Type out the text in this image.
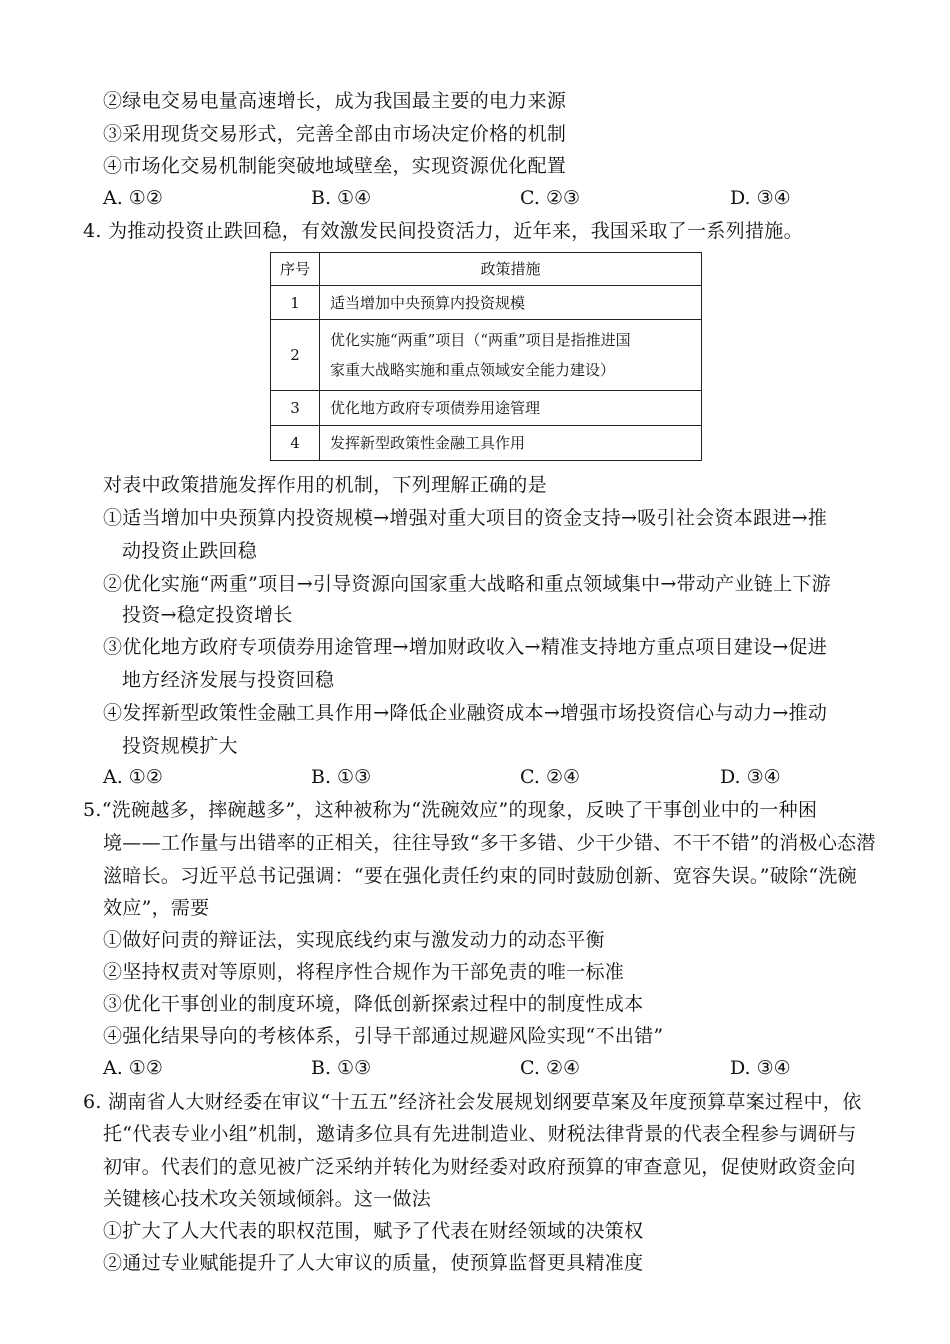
②绿电交易电量高速增长，成为我国最主要的电力来源
③采用现货交易形式，完善全部由市场决定价格的机制
④市场化交易机制能突破地域壁垒，实现资源优化配置
A. ①②	B. ①④	C. ②③	D. ③④
4. 为推动投资止跌回稳，有效激发民间投资活力，近年来，我国采取了一系列措施。
序号	政策措施
1	适当增加中央预算内投资规模
2	优化实施“两重”项目（“两重”项目是指推进国
家重大战略实施和重点领域安全能力建设）

3	优化地方政府专项债券用途管理
4	发挥新型政策性金融工具作用
对表中政策措施发挥作用的机制，下列理解正确的是
①适当增加中央预算内投资规模→增强对重大项目的资金支持→吸引社会资本跟进→推
动投资止跌回稳
②优化实施“两重”项目→引导资源向国家重大战略和重点领域集中→带动产业链上下游
投资→稳定投资增长
③优化地方政府专项债券用途管理→增加财政收入→精准支持地方重点项目建设→促进
地方经济发展与投资回稳
④发挥新型政策性金融工具作用→降低企业融资成本→增强市场投资信心与动力→推动
投资规模扩大
A. ①②	B. ①③	C. ②④	D. ③④
5.“洗碗越多，摔碗越多”，这种被称为“洗碗效应”的现象，反映了干事创业中的一种困
境——工作量与出错率的正相关，往往导致“多干多错、少干少错、不干不错”的消极心态潜
滋暗长。习近平总书记强调：“要在强化责任约束的同时鼓励创新、宽容失误。”破除“洗碗
效应”，需要
①做好问责的辩证法，实现底线约束与激发动力的动态平衡
②坚持权责对等原则，将程序性合规作为干部免责的唯一标准
③优化干事创业的制度环境，降低创新探索过程中的制度性成本
④强化结果导向的考核体系，引导干部通过规避风险实现“不出错”
A. ①②	B. ①③	C. ②④	D. ③④
6. 湖南省人大财经委在审议“十五五”经济社会发展规划纲要草案及年度预算草案过程中，依
托“代表专业小组”机制，邀请多位具有先进制造业、财税法律背景的代表全程参与调研与
初审。代表们的意见被广泛采纳并转化为财经委对政府预算的审查意见，促使财政资金向
关键核心技术攻关领域倾斜。这一做法
①扩大了人大代表的职权范围，赋予了代表在财经领域的决策权
②通过专业赋能提升了人大审议的质量，使预算监督更具精准度
